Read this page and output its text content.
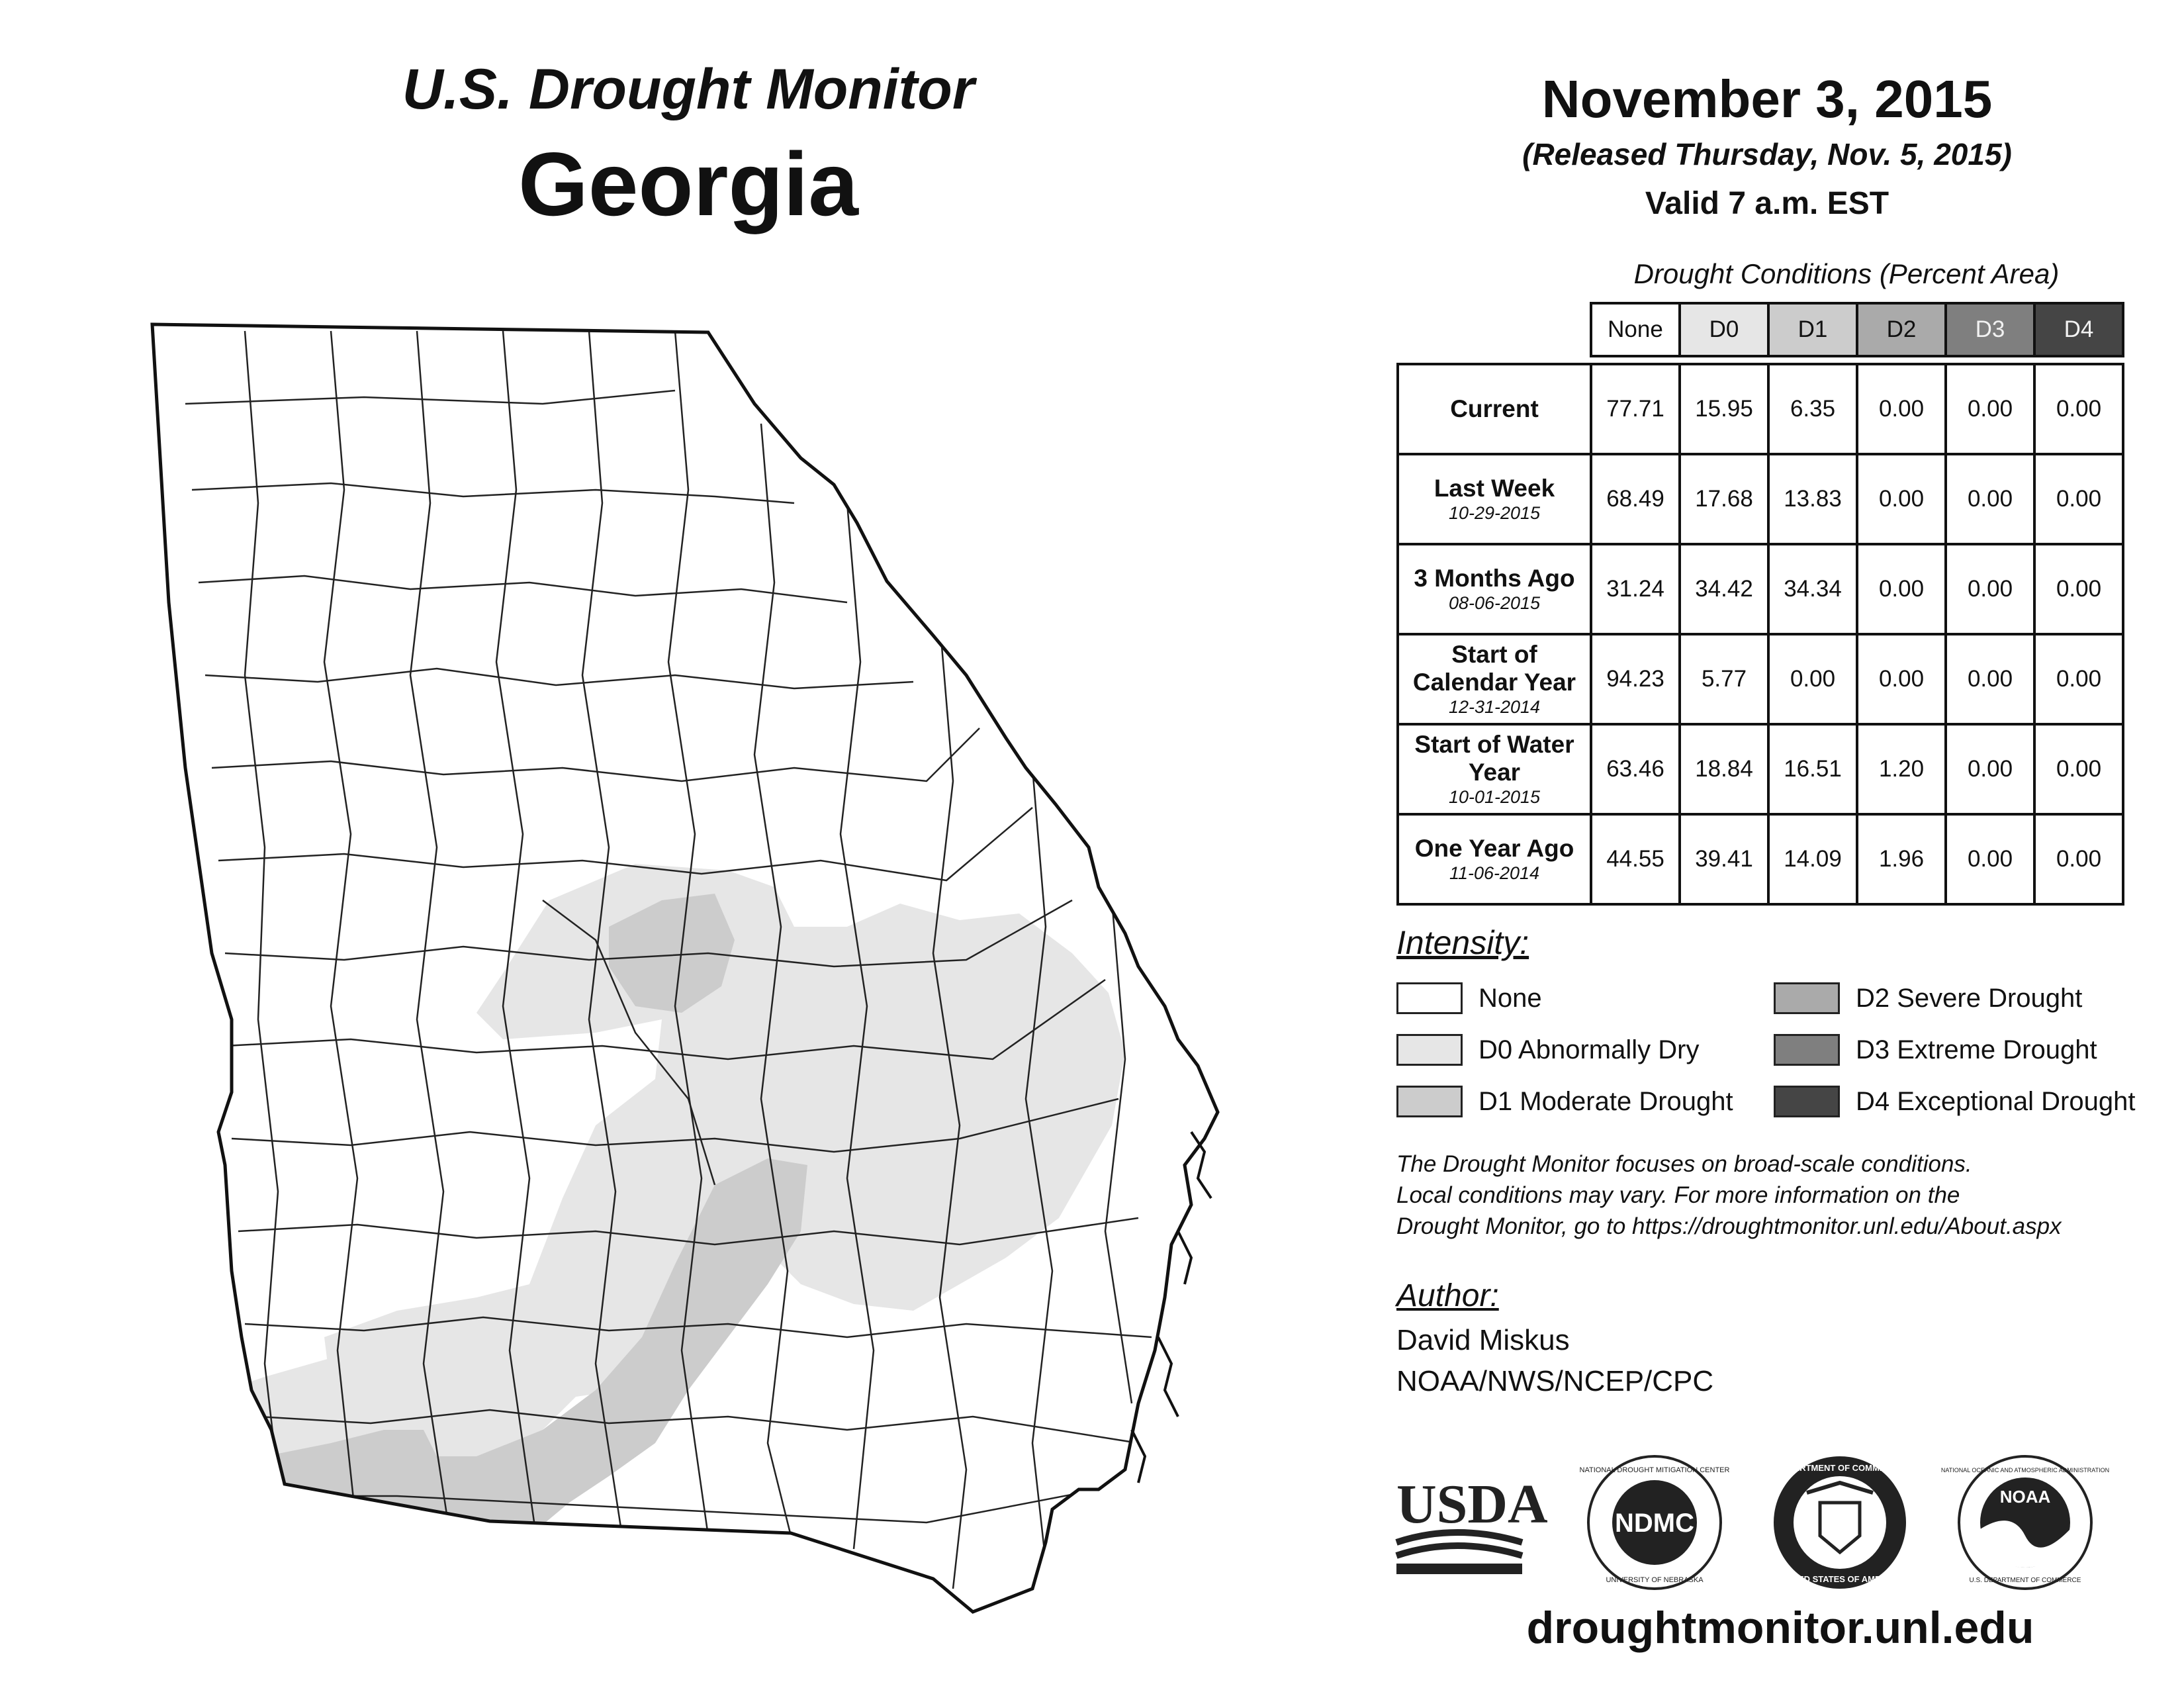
U.S. Drought Monitor
Georgia
November 3, 2015
(Released Thursday, Nov. 5, 2015)
Valid 7 a.m. EST
Drought Conditions (Percent Area)
	None	D0	D1	D2	D3	D4

Current	77.71	15.95	6.35	0.00	0.00	0.00
Last Week
10-29-2015	68.49	17.68	13.83	0.00	0.00	0.00
3 Months Ago
08-06-2015	31.24	34.42	34.34	0.00	0.00	0.00
Start of Calendar Year
12-31-2014	94.23	5.77	0.00	0.00	0.00	0.00
Start of Water Year
10-01-2015	63.46	18.84	16.51	1.20	0.00	0.00
One Year Ago
11-06-2014	44.55	39.41	14.09	1.96	0.00	0.00
Intensity:
None
D0 Abnormally Dry
D1 Moderate Drought
D2 Severe Drought
D3 Extreme Drought
D4 Exceptional Drought
The Drought Monitor focuses on broad-scale conditions.
Local conditions may vary. For more information on the
Drought Monitor, go to https://droughtmonitor.unl.edu/About.aspx
Author:
David Miskus
NOAA/NWS/NCEP/CPC
USDA	NDMC
NATIONAL DROUGHT MITIGATION CENTER
UNIVERSITY OF NEBRASKA
DEPARTMENT OF COMMERCE
UNITED STATES OF AMERICA
NOAA
NATIONAL OCEANIC AND ATMOSPHERIC ADMINISTRATION
U.S. DEPARTMENT OF COMMERCE
droughtmonitor.unl.edu
